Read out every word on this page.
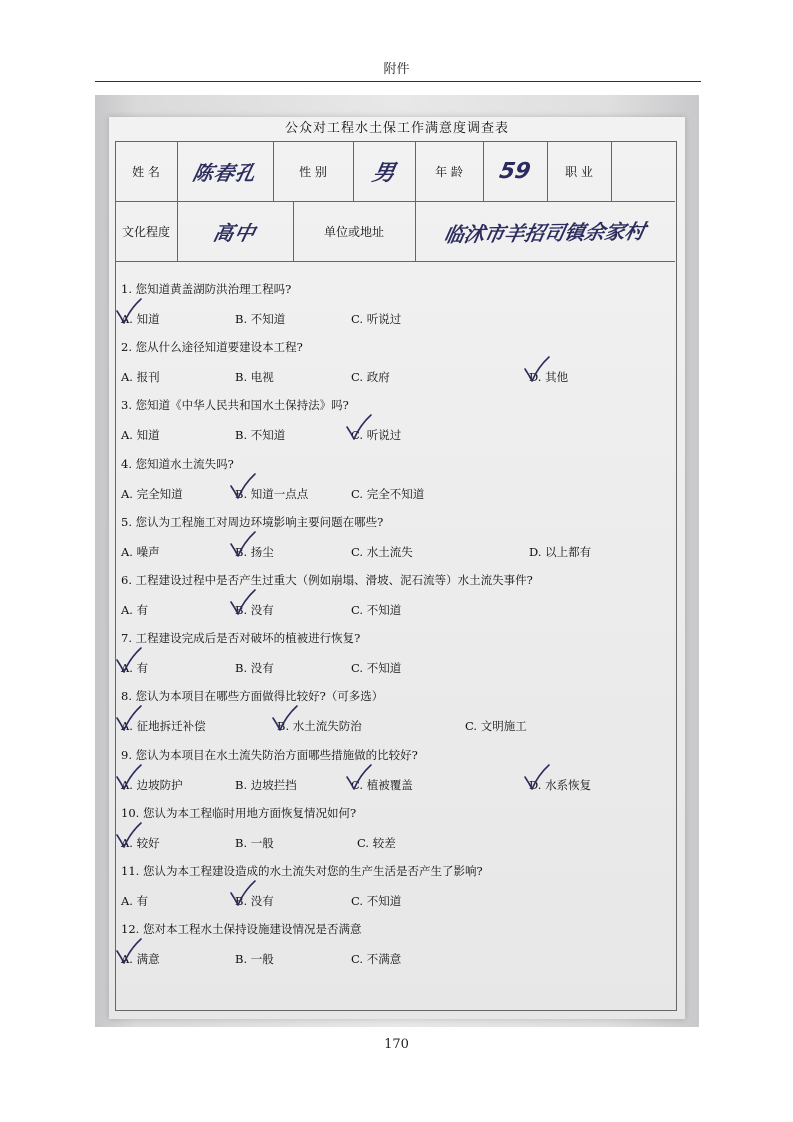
附件
公众对工程水土保工作满意度调查表
姓 名	陈春孔	性 别	男	年 龄	59	职 业
文化程度	高中	单位或地址	临沭市羊招司镇余家村
1. 您知道黄盖湖防洪治理工程吗?
A. 知道	B. 不知道	C. 听说过
2. 您从什么途径知道要建设本工程?
A. 报刊	B. 电视	C. 政府	D. 其他
3. 您知道《中华人民共和国水土保持法》吗?
A. 知道	B. 不知道	C. 听说过
4. 您知道水土流失吗?
A. 完全知道	B. 知道一点点	C. 完全不知道
5. 您认为工程施工对周边环境影响主要问题在哪些?
A. 噪声	B. 扬尘	C. 水土流失	D. 以上都有
6. 工程建设过程中是否产生过重大（例如崩塌、滑坡、泥石流等）水土流失事件?
A. 有	B. 没有	C. 不知道
7. 工程建设完成后是否对破坏的植被进行恢复?
A. 有	B. 没有	C. 不知道
8. 您认为本项目在哪些方面做得比较好?（可多选）
A. 征地拆迁补偿	B. 水土流失防治	C. 文明施工
9. 您认为本项目在水土流失防治方面哪些措施做的比较好?
A. 边坡防护	B. 边坡拦挡	C. 植被覆盖	D. 水系恢复
10. 您认为本工程临时用地方面恢复情况如何?
A. 较好	B. 一般	C. 较差
11. 您认为本工程建设造成的水土流失对您的生产生活是否产生了影响?
A. 有	B. 没有	C. 不知道
12. 您对本工程水土保持设施建设情况是否满意
A. 满意	B. 一般	C. 不满意
170
